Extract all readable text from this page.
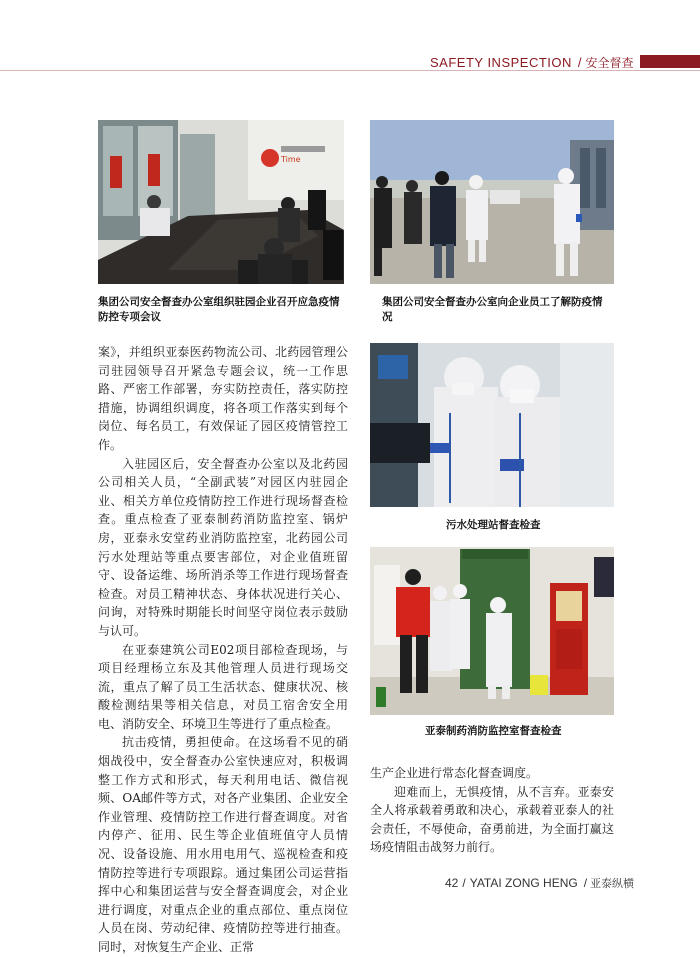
SAFETY INSPECTION / 安全督查
Time
集团公司安全督查办公室组织驻园企业召开应急疫情防控专项会议
集团公司安全督查办公室向企业员工了解防疫情况
污水处理站督查检查
亚泰制药消防监控室督查检查

案》，并组织亚泰医药物流公司、北药园管理公司驻园领导召开紧急专题会议，统一工作思路、严密工作部署，夯实防控责任，落实防控措施，协调组织调度，将各项工作落实到每个岗位、每名员工，有效保证了园区疫情管控工作。

入驻园区后，安全督查办公室以及北药园公司相关人员，“全副武装”对园区内驻园企业、相关方单位疫情防控工作进行现场督查检查。重点检查了亚泰制药消防监控室、锅炉房，亚泰永安堂药业消防监控室，北药园公司污水处理站等重点要害部位，对企业值班留守、设备运维、场所消杀等工作进行现场督查检查。对员工精神状态、身体状况进行关心、问询，对特殊时期能长时间坚守岗位表示鼓励与认可。

在亚泰建筑公司E02项目部检查现场，与项目经理杨立东及其他管理人员进行现场交流，重点了解了员工生活状态、健康状况、核酸检测结果等相关信息，对员工宿舍安全用电、消防安全、环境卫生等进行了重点检查。

抗击疫情，勇担使命。在这场看不见的硝烟战役中，安全督查办公室快速应对，积极调整工作方式和形式，每天利用电话、微信视频、OA邮件等方式，对各产业集团、企业安全作业管理、疫情防控工作进行督查调度。对省内停产、征用、民生等企业值班值守人员情况、设备设施、用水用电用气、巡视检查和疫情防控等进行专项跟踪。通过集团公司运营指挥中心和集团运营与安全督查调度会，对企业进行调度，对重点企业的重点部位、重点岗位人员在岗、劳动纪律、疫情防控等进行抽查。同时，对恢复生产企业、正常

生产企业进行常态化督查调度。

迎难而上，无惧疫情，从不言弃。亚泰安全人将承载着勇敢和决心，承载着亚泰人的社会责任，不辱使命，奋勇前进，为全面打赢这场疫情阻击战努力前行。

42 / YATAI ZONG HENG / 亚泰纵横
